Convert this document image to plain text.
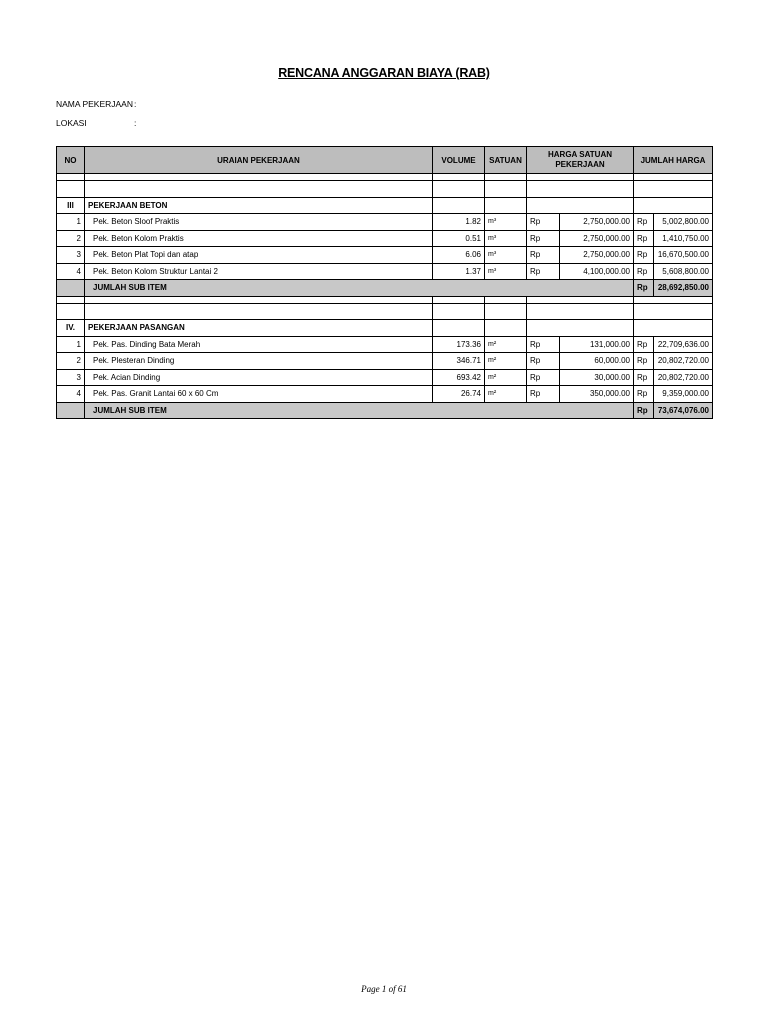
RENCANA ANGGARAN BIAYA (RAB)
NAMA PEKERJAAN:
LOKASI	:
NO	URAIAN PEKERJAAN	VOLUME	SATUAN	HARGA SATUAN PEKERJAAN		JUMLAH HARGA	

III	PEKERJAAN BETON						
1	Pek. Beton Sloof Praktis	1.82	m³	Rp	2,750,000.00	Rp	5,002,800.00
2	Pek. Beton Kolom Praktis	0.51	m³	Rp	2,750,000.00	Rp	1,410,750.00
3	Pek. Beton Plat Topi dan atap	6.06	m³	Rp	2,750,000.00	Rp	16,670,500.00
4	Pek. Beton Kolom Struktur Lantai 2	1.37	m³	Rp	4,100,000.00	Rp	5,608,800.00
	JUMLAH SUB ITEM					Rp	28,692,850.00

IV.	PEKERJAAN PASANGAN						
1	Pek. Pas. Dinding Bata Merah	173.36	m²	Rp	131,000.00	Rp	22,709,636.00
2	Pek. Plesteran Dinding	346.71	m²	Rp	60,000.00	Rp	20,802,720.00
3	Pek. Acian Dinding	693.42	m²	Rp	30,000.00	Rp	20,802,720.00
4	Pek. Pas. Granit Lantai 60 x 60 Cm	26.74	m²	Rp	350,000.00	Rp	9,359,000.00
	JUMLAH SUB ITEM					Rp	73,674,076.00
Page 1 of 61
